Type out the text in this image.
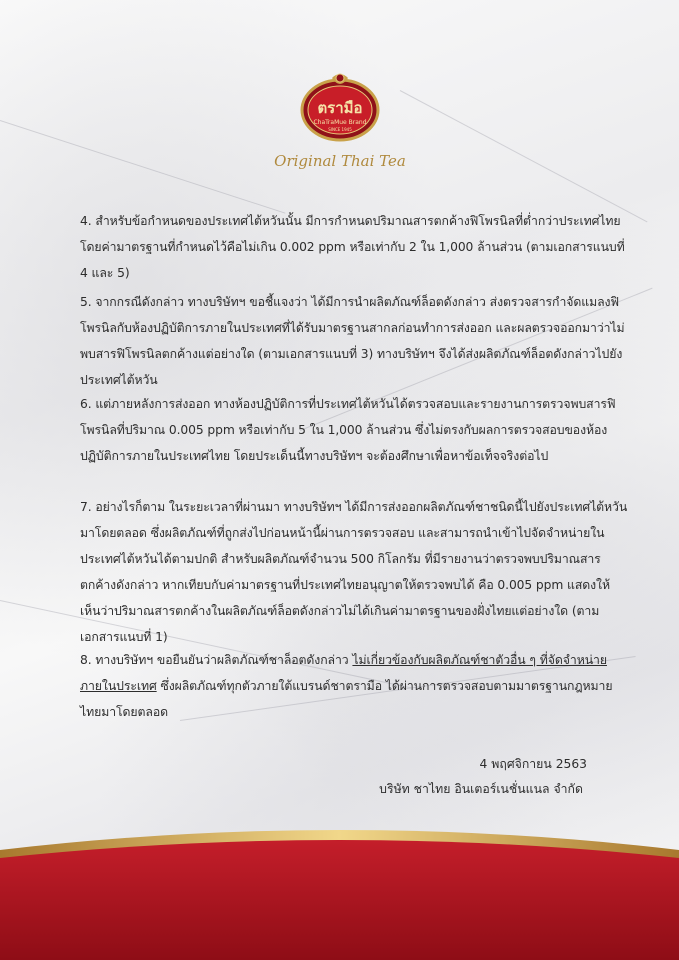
ตรามือ
ChaTraMue Brand
SINCE 1945
Original Thai Tea

4. สำหรับข้อกำหนดของประเทศไต้หวันนั้น มีการกำหนดปริมาณสารตกค้างฟิโพรนิลที่ต่ำกว่าประเทศไทย โดยค่ามาตรฐานที่กำหนดไว้คือไม่เกิน 0.002 ppm หรือเท่ากับ 2 ใน 1,000 ล้านส่วน (ตามเอกสารแนบที่ 4 และ 5)

5. จากกรณีดังกล่าว ทางบริษัทฯ ขอชี้แจงว่า ได้มีการนำผลิตภัณฑ์ล็อตดังกล่าว ส่งตรวจสารกำจัดแมลงฟิโพรนิลกับห้องปฏิบัติการภายในประเทศที่ได้รับมาตรฐานสากลก่อนทำการส่งออก และผลตรวจออกมาว่าไม่พบสารฟิโพรนิลตกค้างแต่อย่างใด (ตามเอกสารแนบที่ 3) ทางบริษัทฯ จึงได้ส่งผลิตภัณฑ์ล็อตดังกล่าวไปยังประเทศไต้หวัน

6. แต่ภายหลังการส่งออก ทางห้องปฏิบัติการที่ประเทศไต้หวันได้ตรวจสอบและรายงานการตรวจพบสารฟิโพรนิลที่ปริมาณ 0.005 ppm หรือเท่ากับ 5 ใน 1,000 ล้านส่วน ซึ่งไม่ตรงกับผลการตรวจสอบของห้องปฏิบัติการภายในประเทศไทย โดยประเด็นนี้ทางบริษัทฯ จะต้องศึกษาเพื่อหาข้อเท็จจริงต่อไป

7. อย่างไรก็ตาม ในระยะเวลาที่ผ่านมา ทางบริษัทฯ ได้มีการส่งออกผลิตภัณฑ์ชาชนิดนี้ไปยังประเทศไต้หวันมาโดยตลอด ซึ่งผลิตภัณฑ์ที่ถูกส่งไปก่อนหน้านี้ผ่านการตรวจสอบ และสามารถนำเข้าไปจัดจำหน่ายในประเทศไต้หวันได้ตามปกติ สำหรับผลิตภัณฑ์จำนวน 500 กิโลกรัม ที่มีรายงานว่าตรวจพบปริมาณสารตกค้างดังกล่าว หากเทียบกับค่ามาตรฐานที่ประเทศไทยอนุญาตให้ตรวจพบได้ คือ 0.005 ppm แสดงให้เห็นว่าปริมาณสารตกค้างในผลิตภัณฑ์ล็อตดังกล่าวไม่ได้เกินค่ามาตรฐานของฝั่งไทยแต่อย่างใด (ตามเอกสารแนบที่ 1)

8. ทางบริษัทฯ ขอยืนยันว่าผลิตภัณฑ์ชาล็อตดังกล่าว ไม่เกี่ยวข้องกับผลิตภัณฑ์ชาตัวอื่น ๆ ที่จัดจำหน่ายภายในประเทศ ซึ่งผลิตภัณฑ์ทุกตัวภายใต้แบรนด์ชาตรามือ ได้ผ่านการตรวจสอบตามมาตรฐานกฎหมายไทยมาโดยตลอด

4 พฤศจิกายน 2563
บริษัท ชาไทย อินเตอร์เนชั่นแนล จำกัด
